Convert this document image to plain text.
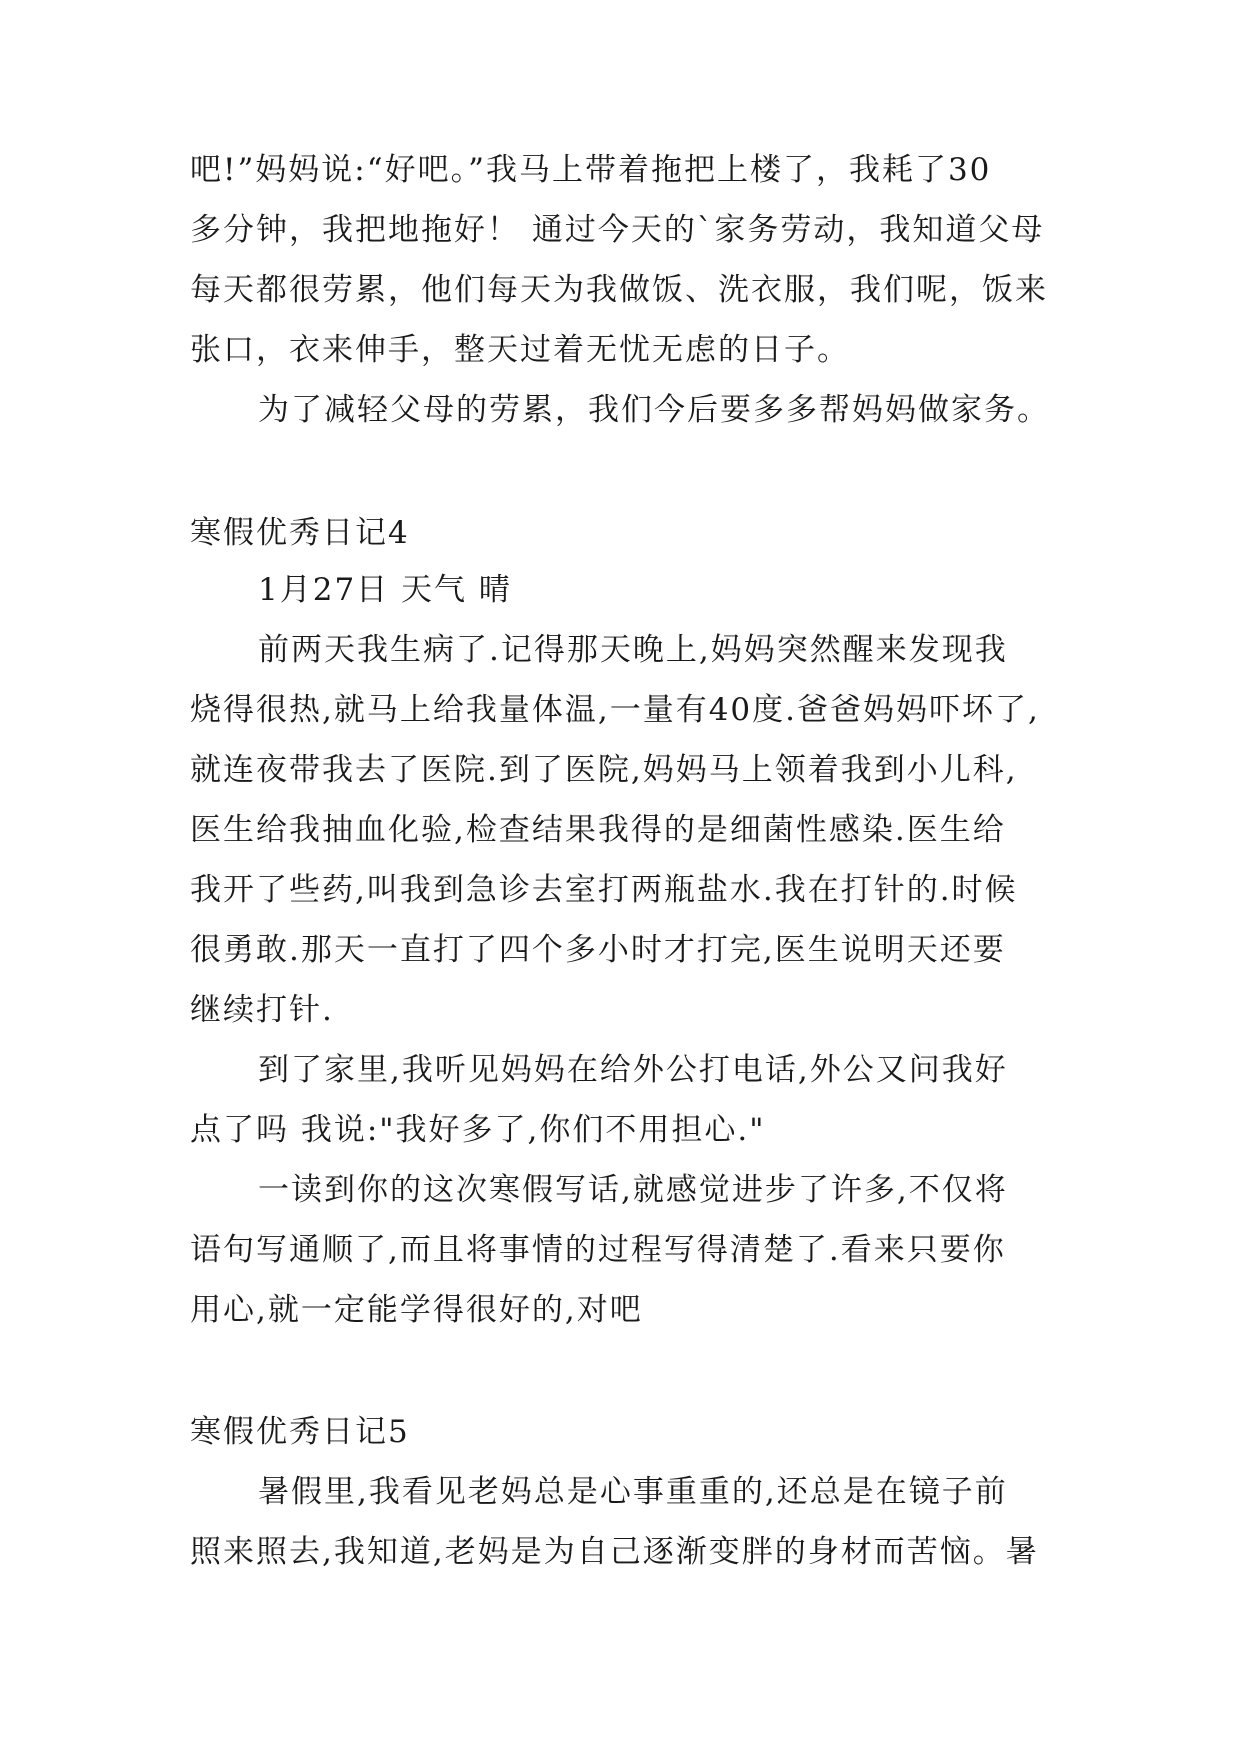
吧!”妈妈说:“好吧。”我马上带着拖把上楼了，我耗了30
多分钟，我把地拖好！ 通过今天的`家务劳动，我知道父母
每天都很劳累，他们每天为我做饭、洗衣服，我们呢，饭来
张口，衣来伸手，整天过着无忧无虑的日子。
为了减轻父母的劳累，我们今后要多多帮妈妈做家务。
寒假优秀日记4
1月27日 天气 晴
前两天我生病了.记得那天晚上,妈妈突然醒来发现我
烧得很热,就马上给我量体温,一量有40度.爸爸妈妈吓坏了,
就连夜带我去了医院.到了医院,妈妈马上领着我到小儿科,
医生给我抽血化验,检查结果我得的是细菌性感染.医生给
我开了些药,叫我到急诊去室打两瓶盐水.我在打针的.时候
很勇敢.那天一直打了四个多小时才打完,医生说明天还要
继续打针.
到了家里,我听见妈妈在给外公打电话,外公又问我好
点了吗 我说:"我好多了,你们不用担心."
一读到你的这次寒假写话,就感觉进步了许多,不仅将
语句写通顺了,而且将事情的过程写得清楚了.看来只要你
用心,就一定能学得很好的,对吧
寒假优秀日记5
暑假里,我看见老妈总是心事重重的,还总是在镜子前
照来照去,我知道,老妈是为自己逐渐变胖的身材而苦恼。暑
